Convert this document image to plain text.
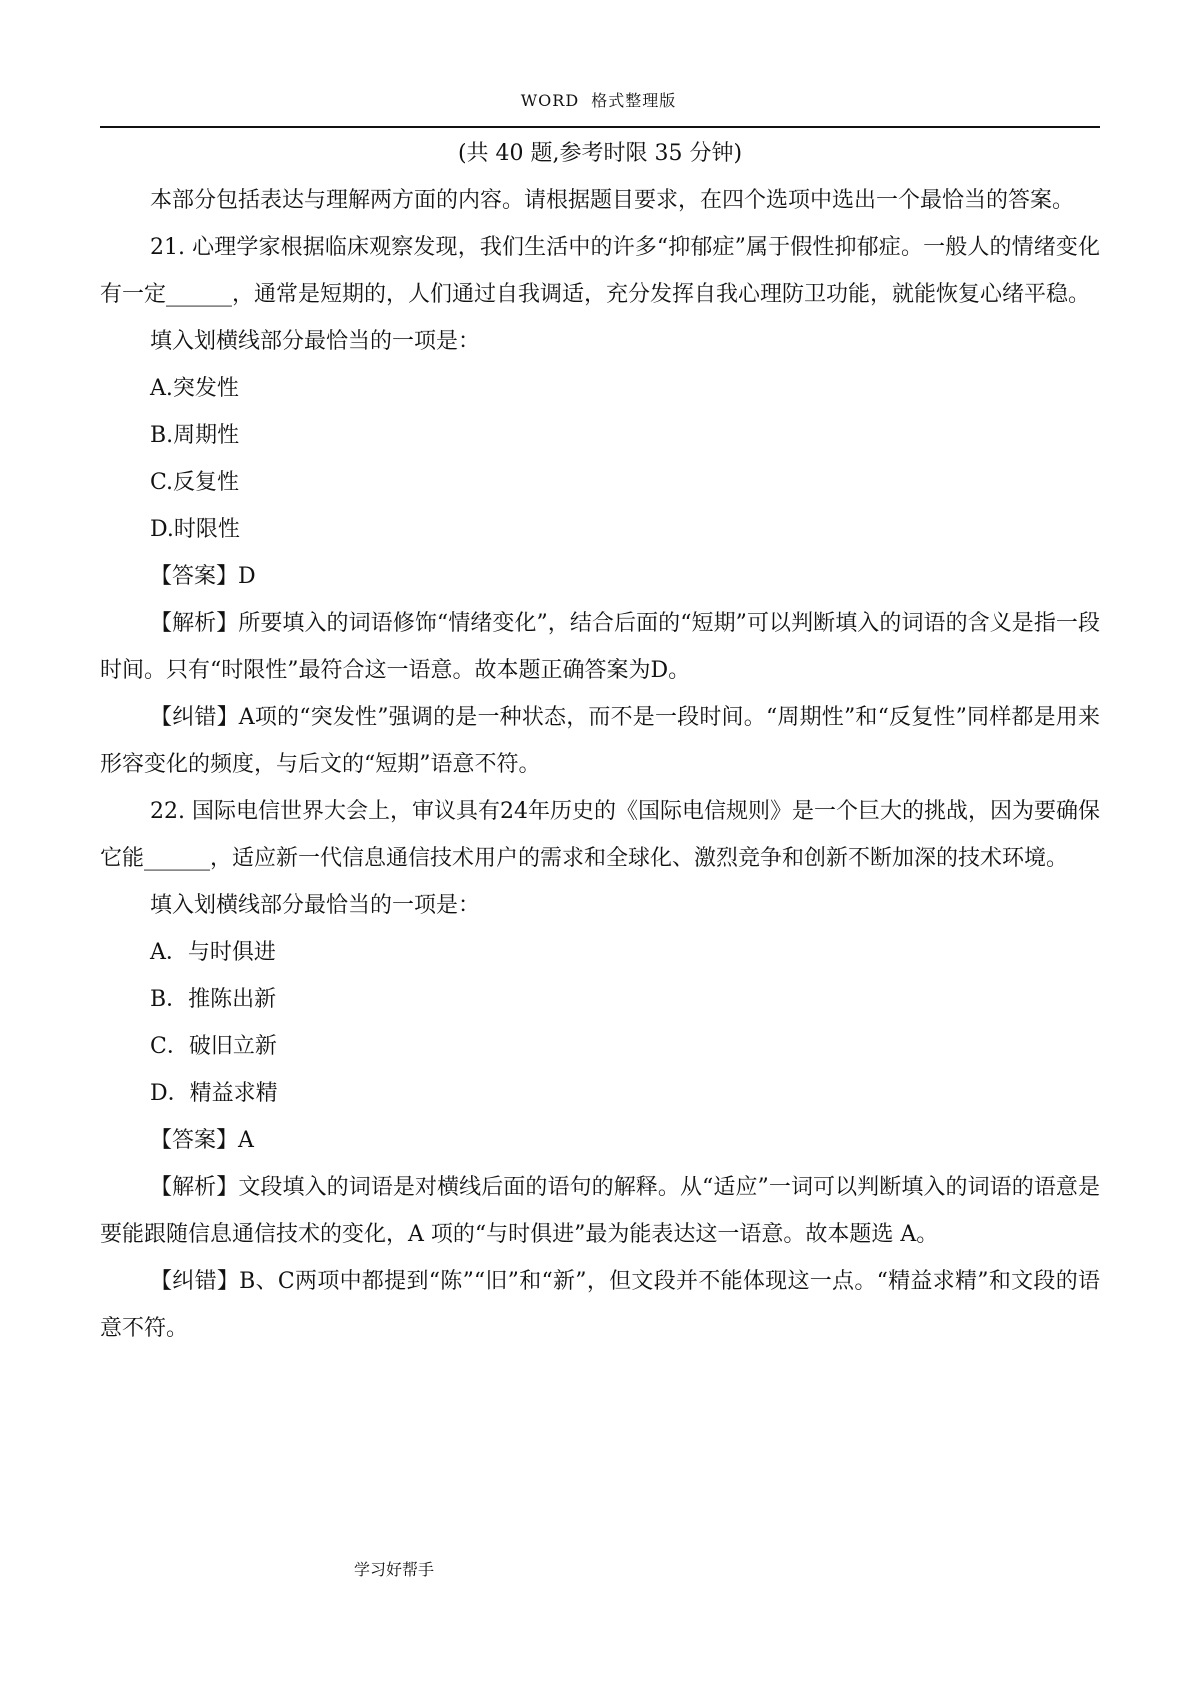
WORD 格式整理版

(共 40 题,参考时限 35 分钟)

本部分包括表达与理解两方面的内容。请根据题目要求，在四个选项中选出一个最恰当的答案。

21. 心理学家根据临床观察发现，我们生活中的许多“抑郁症”属于假性抑郁症。一般人的情绪变化有一定______，通常是短期的，人们通过自我调适，充分发挥自我心理防卫功能，就能恢复心绪平稳。

填入划横线部分最恰当的一项是：

A.突发性

B.周期性

C.反复性

D.时限性

【答案】D

【解析】所要填入的词语修饰“情绪变化”，结合后面的“短期”可以判断填入的词语的含义是指一段时间。只有“时限性”最符合这一语意。故本题正确答案为D。

【纠错】A项的“突发性”强调的是一种状态，而不是一段时间。“周期性”和“反复性”同样都是用来形容变化的频度，与后文的“短期”语意不符。

22. 国际电信世界大会上，审议具有24年历史的《国际电信规则》是一个巨大的挑战，因为要确保它能______，适应新一代信息通信技术用户的需求和全球化、激烈竞争和创新不断加深的技术环境。

填入划横线部分最恰当的一项是：

A．与时俱进

B．推陈出新

C．破旧立新

D．精益求精

【答案】A

【解析】文段填入的词语是对横线后面的语句的解释。从“适应”一词可以判断填入的词语的语意是要能跟随信息通信技术的变化，A 项的“与时俱进”最为能表达这一语意。故本题选 A。

【纠错】B、C两项中都提到“陈”“旧”和“新”，但文段并不能体现这一点。“精益求精”和文段的语意不符。

学习好帮手
